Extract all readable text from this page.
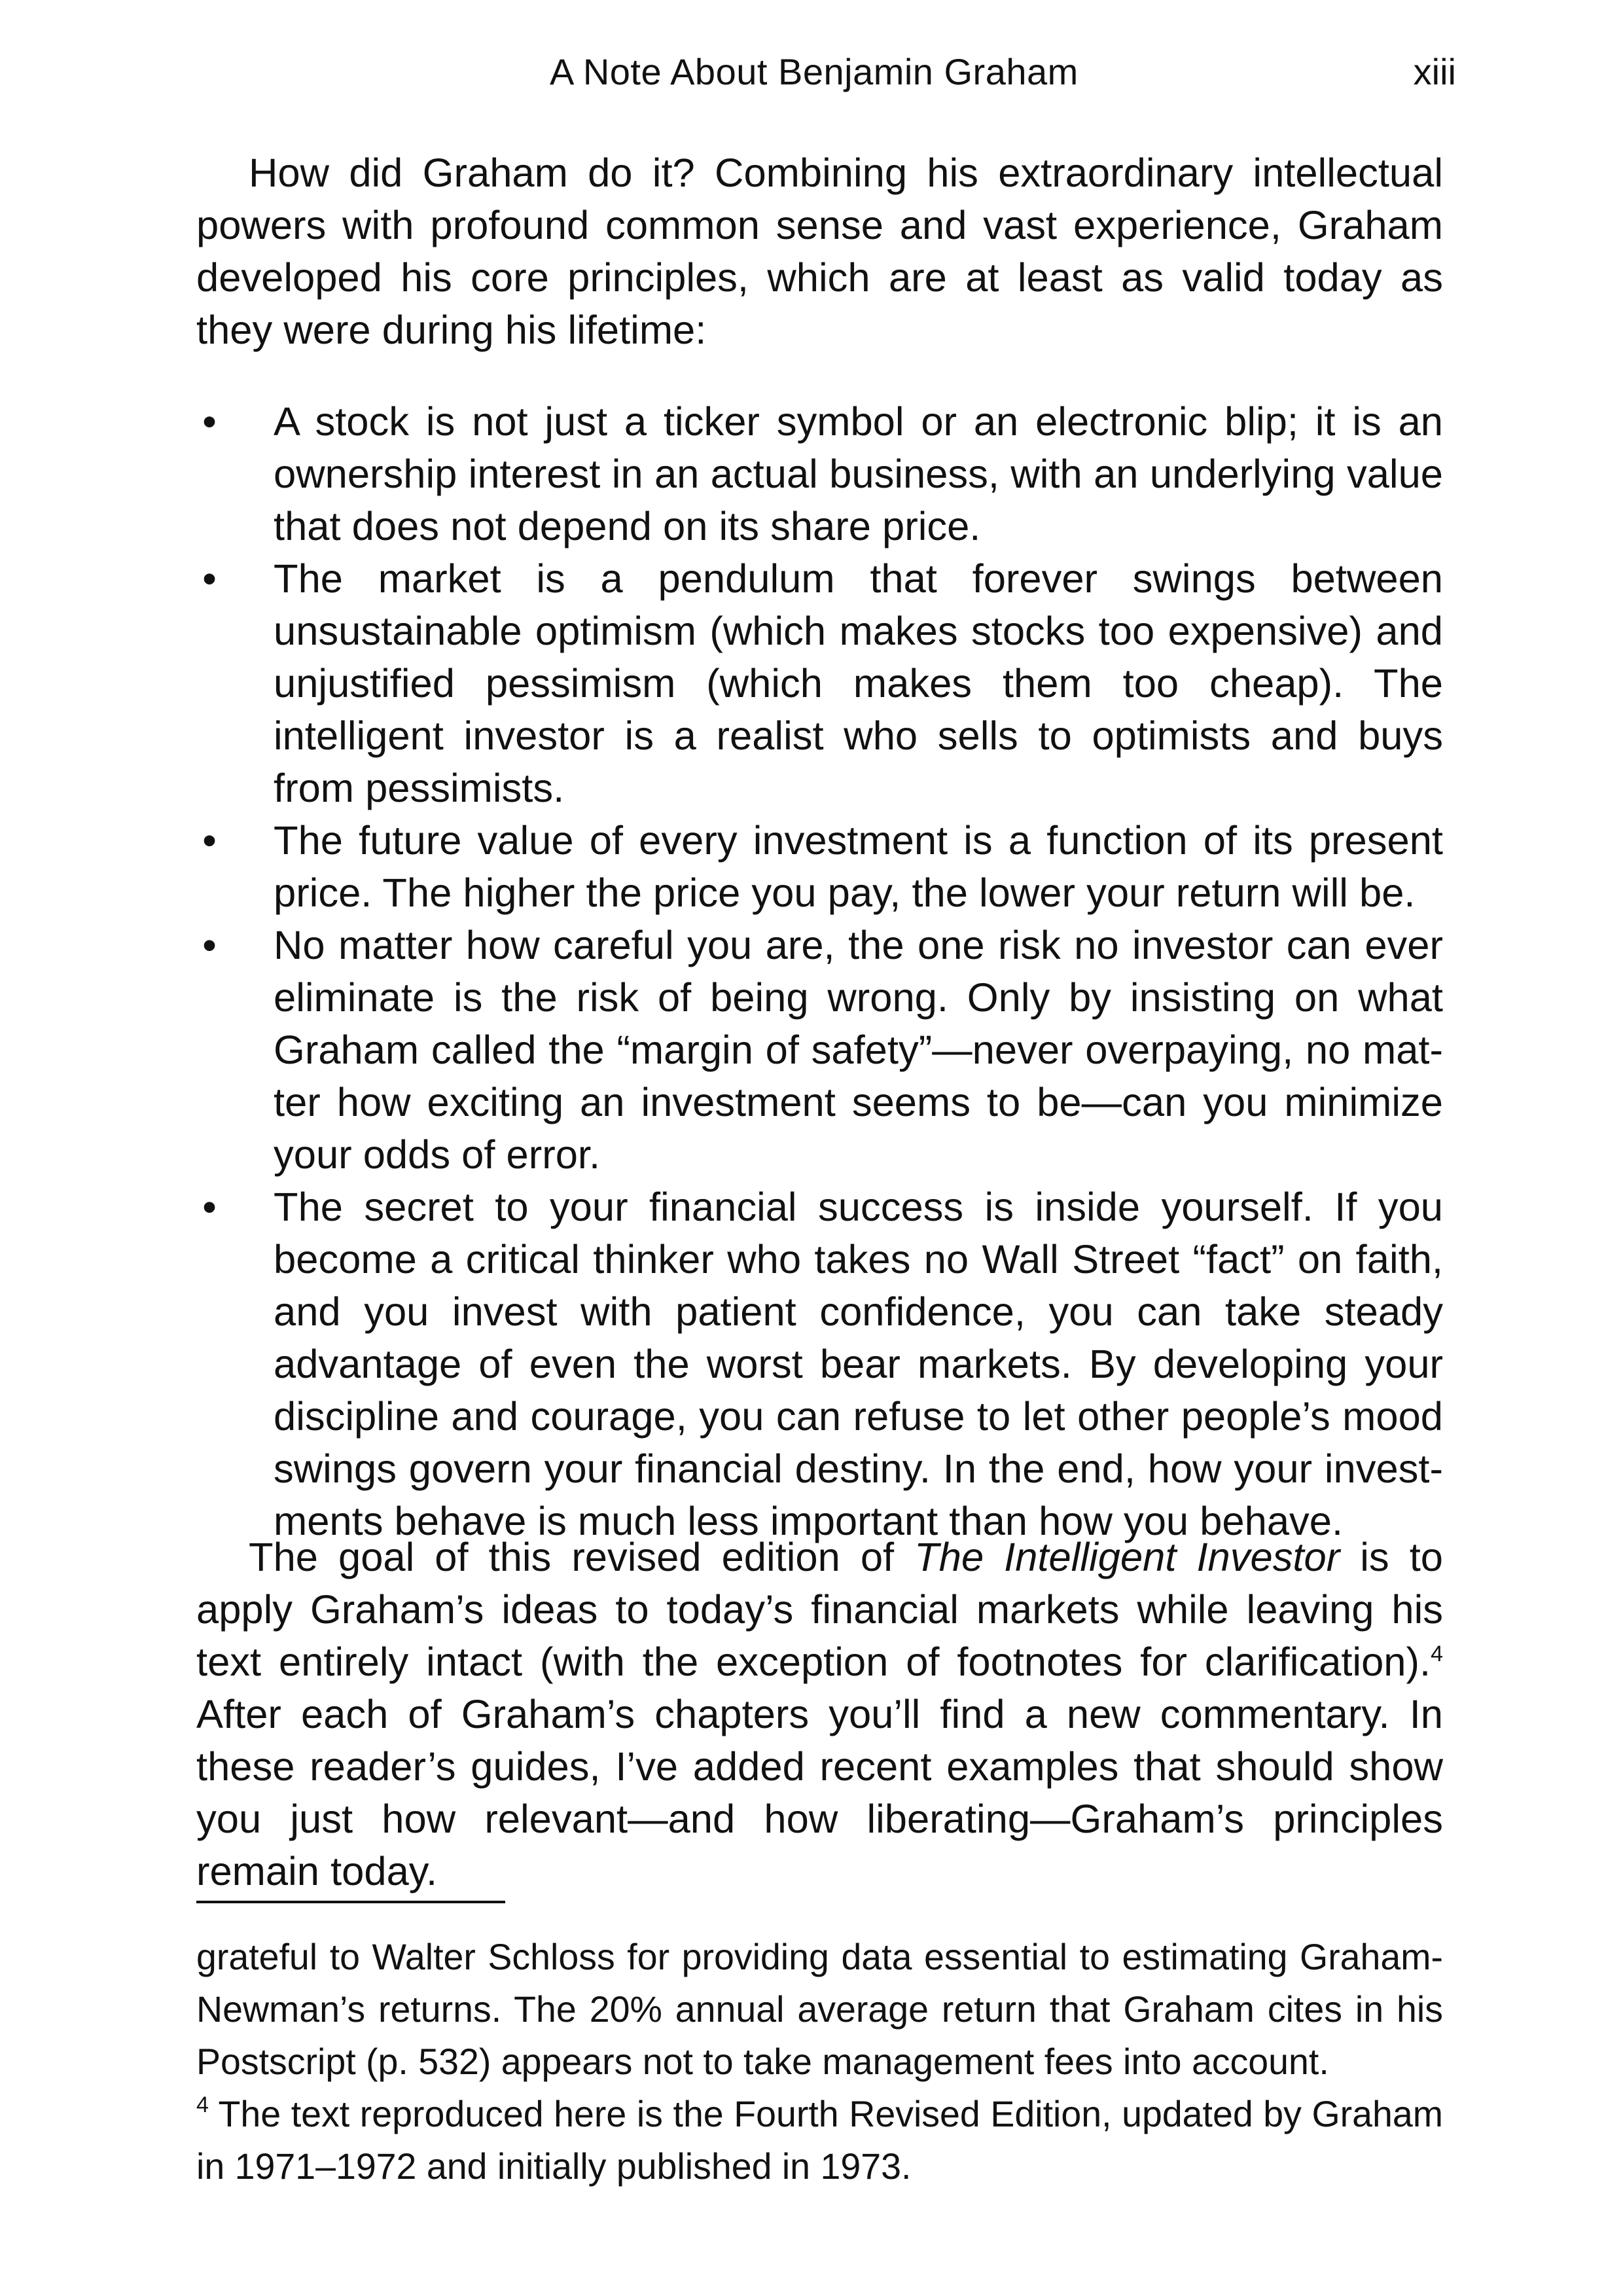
A Note About Benjamin Graham	xiii

How did Graham do it? Combining his extraordinary intellectual powers with profound common sense and vast experience, Graham developed his core principles, which are at least as valid today as they were during his lifetime:

• A stock is not just a ticker symbol or an electronic blip; it is an ownership interest in an actual business, with an underlying value that does not depend on its share price.
• The market is a pendulum that forever swings between unsustainable optimism (which makes stocks too expensive) and unjustified pessimism (which makes them too cheap). The intelligent investor is a realist who sells to optimists and buys from pessimists.
• The future value of every investment is a function of its present price. The higher the price you pay, the lower your return will be.
• No matter how careful you are, the one risk no investor can ever eliminate is the risk of being wrong. Only by insisting on what Graham called the “margin of safety”—never overpaying, no matter how exciting an investment seems to be—can you minimize your odds of error.
• The secret to your financial success is inside yourself. If you become a critical thinker who takes no Wall Street “fact” on faith, and you invest with patient confidence, you can take steady advantage of even the worst bear markets. By developing your discipline and courage, you can refuse to let other people’s mood swings govern your financial destiny. In the end, how your investments behave is much less important than how you behave.

The goal of this revised edition of The Intelligent Investor is to apply Graham’s ideas to today’s financial markets while leaving his text entirely intact (with the exception of footnotes for clarification).$^4$ After each of Graham’s chapters you’ll find a new commentary. In these reader’s guides, I’ve added recent examples that should show you just how relevant—and how liberating—Graham’s principles remain today.

grateful to Walter Schloss for providing data essential to estimating Graham-Newman’s returns. The 20% annual average return that Graham cites in his Postscript (p. 532) appears not to take management fees into account.

$^4$ The text reproduced here is the Fourth Revised Edition, updated by Graham in 1971–1972 and initially published in 1973.
